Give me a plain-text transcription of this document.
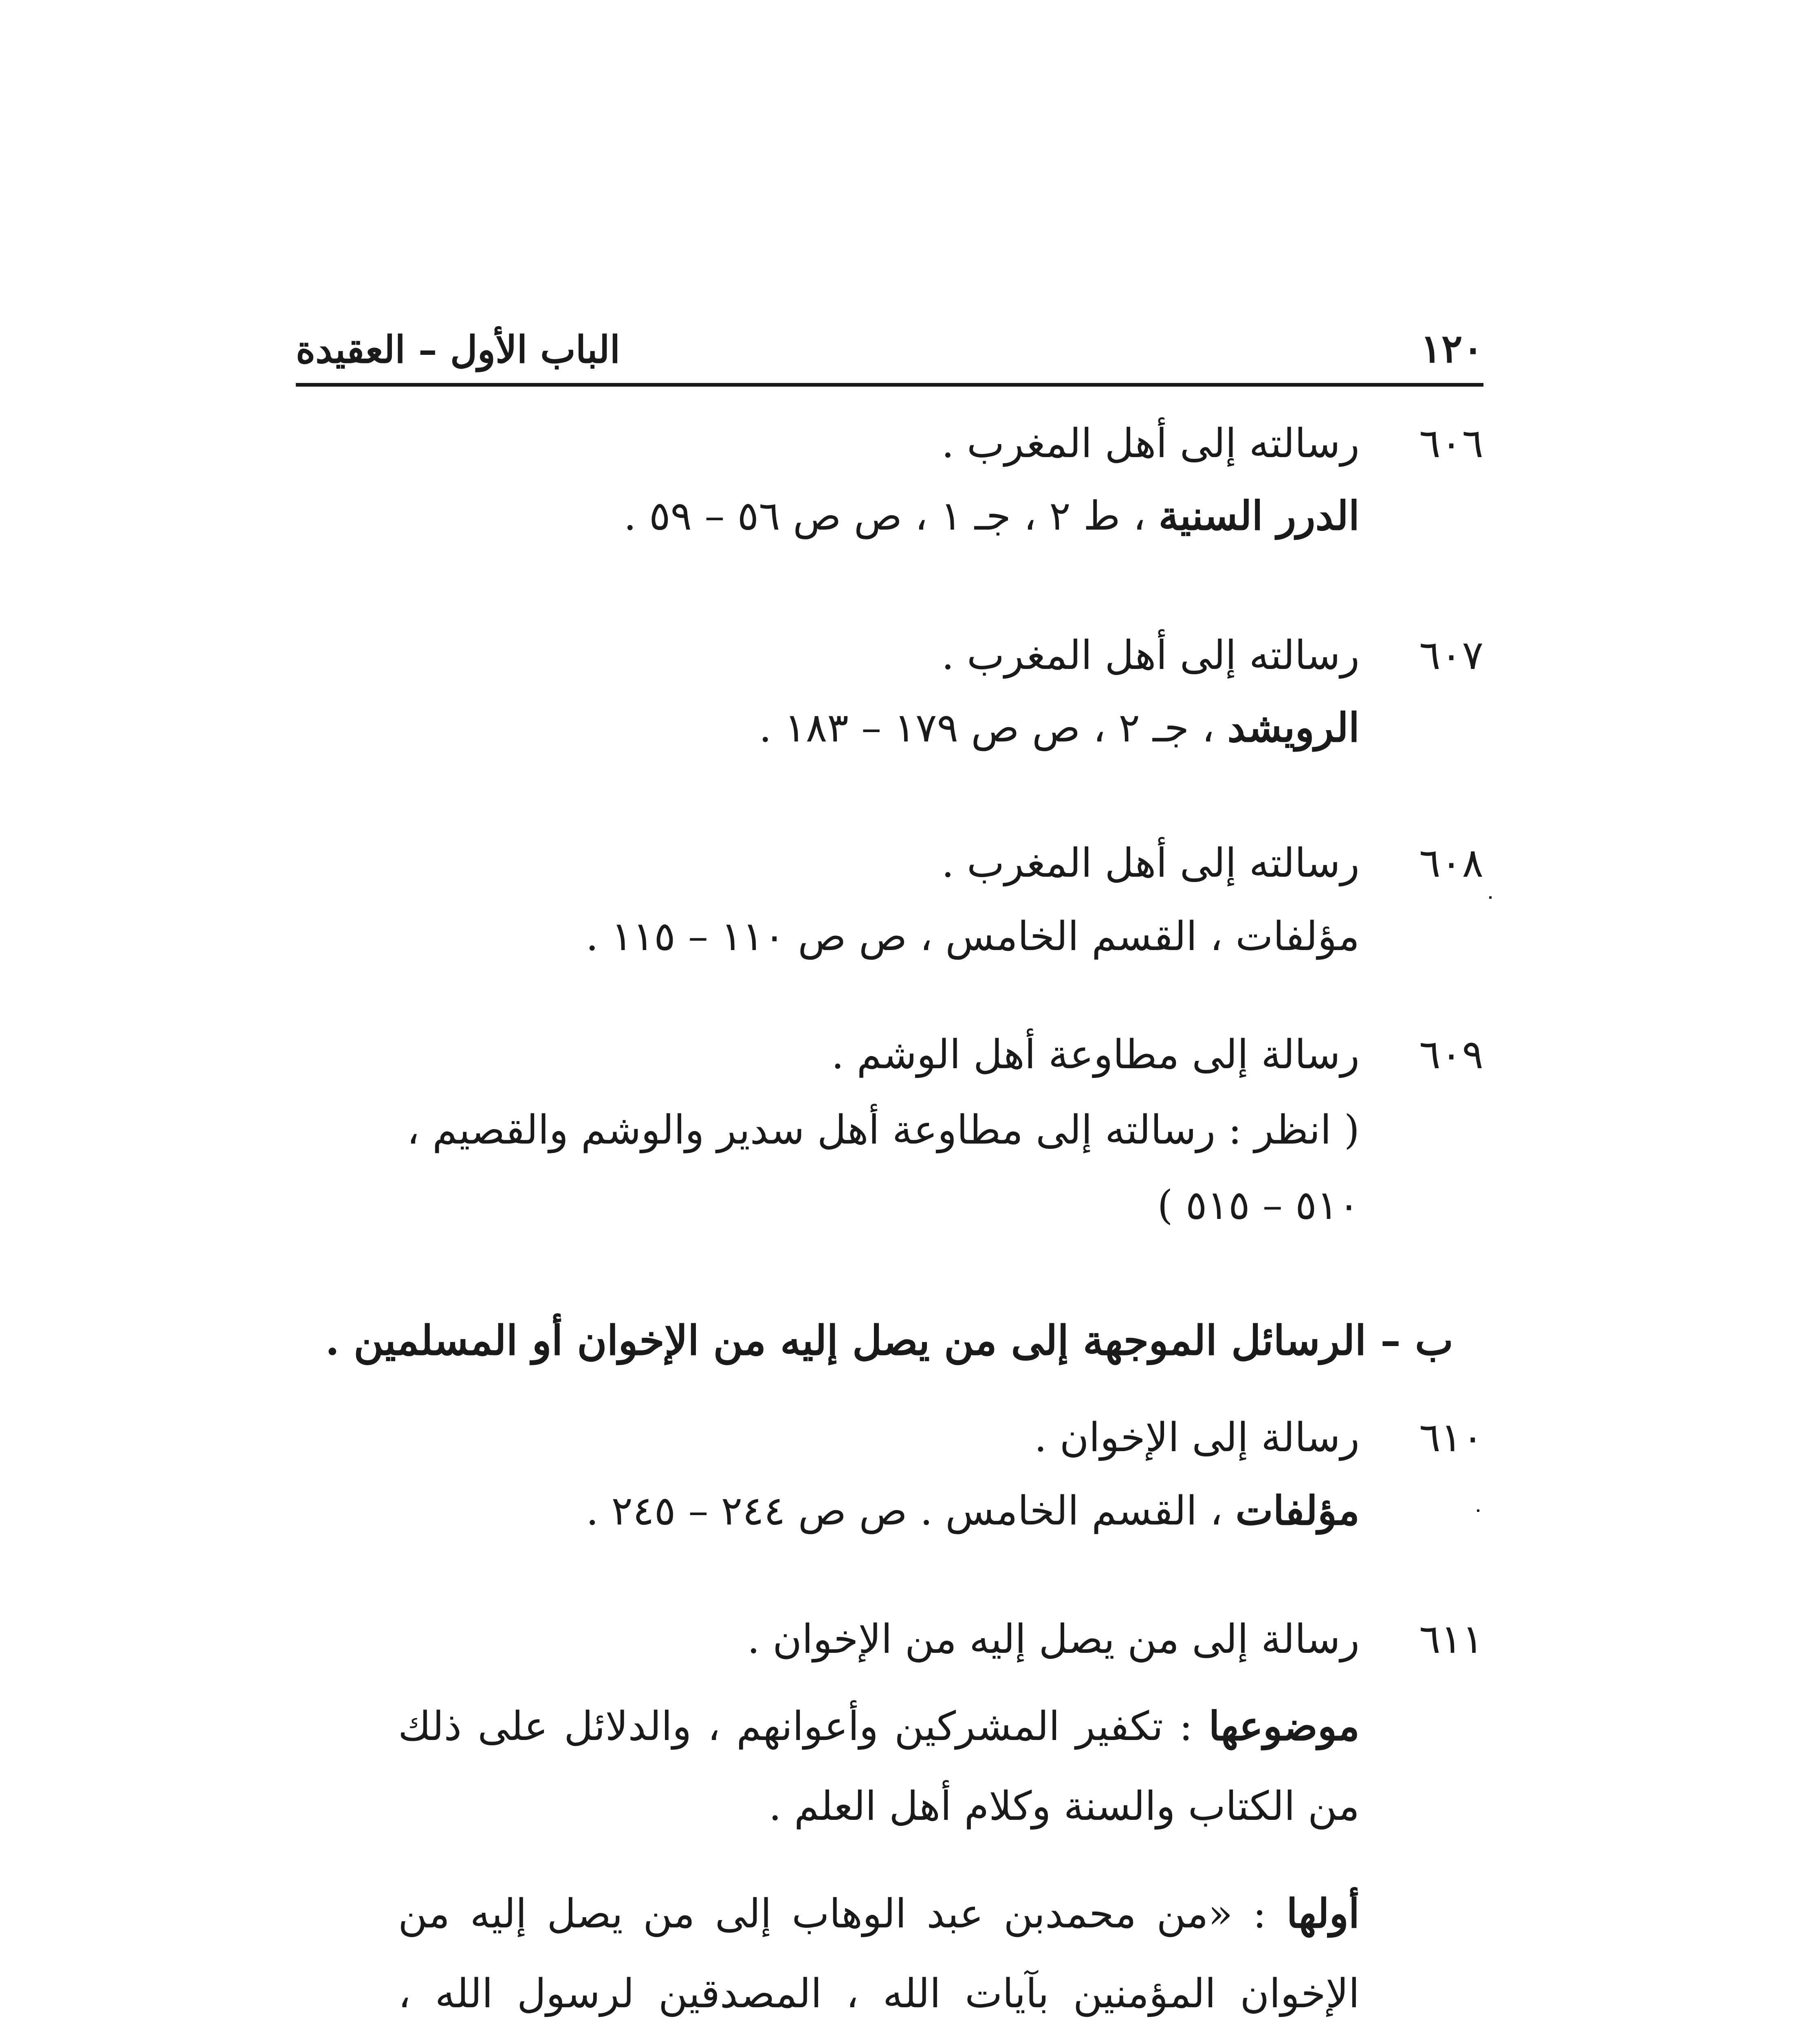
١٢٠
الباب الأول – العقيدة
٦٠٦
رسالته إلى أهل المغرب .
الدرر السنية ، ط ٢ ، جـ ١ ، ص ص ٥٦ – ٥٩ .
٦٠٧
رسالته إلى أهل المغرب .
الرويشد ، جـ ٢ ، ص ص ١٧٩ – ١٨٣ .
٦٠٨
رسالته إلى أهل المغرب .
مؤلفات ، القسم الخامس ، ص ص ١١٠ – ١١٥ .
٦٠٩
رسالة إلى مطاوعة أهل الوشم .
( انظر : رسالته إلى مطاوعة أهل سدير والوشم والقصيم ،
٥١٠ – ٥١٥ )
ب – الرسائل الموجهة إلى من يصل إليه من الإخوان أو المسلمين .
٦١٠
رسالة إلى الإخوان .
مؤلفات ، القسم الخامس . ص ص ٢٤٤ – ٢٤٥ .
٦١١
رسالة إلى من يصل إليه من الإخوان .
موضوعها : تكفير المشركين وأعوانهم ، والدلائل على ذلك من الكتاب والسنة وكلام أهل العلم .
أولها : «من محمدبن عبد الوهاب إلى من يصل إليه من الإخوان المؤمنين بآيات الله ، المصدقين لرسول الله ،
